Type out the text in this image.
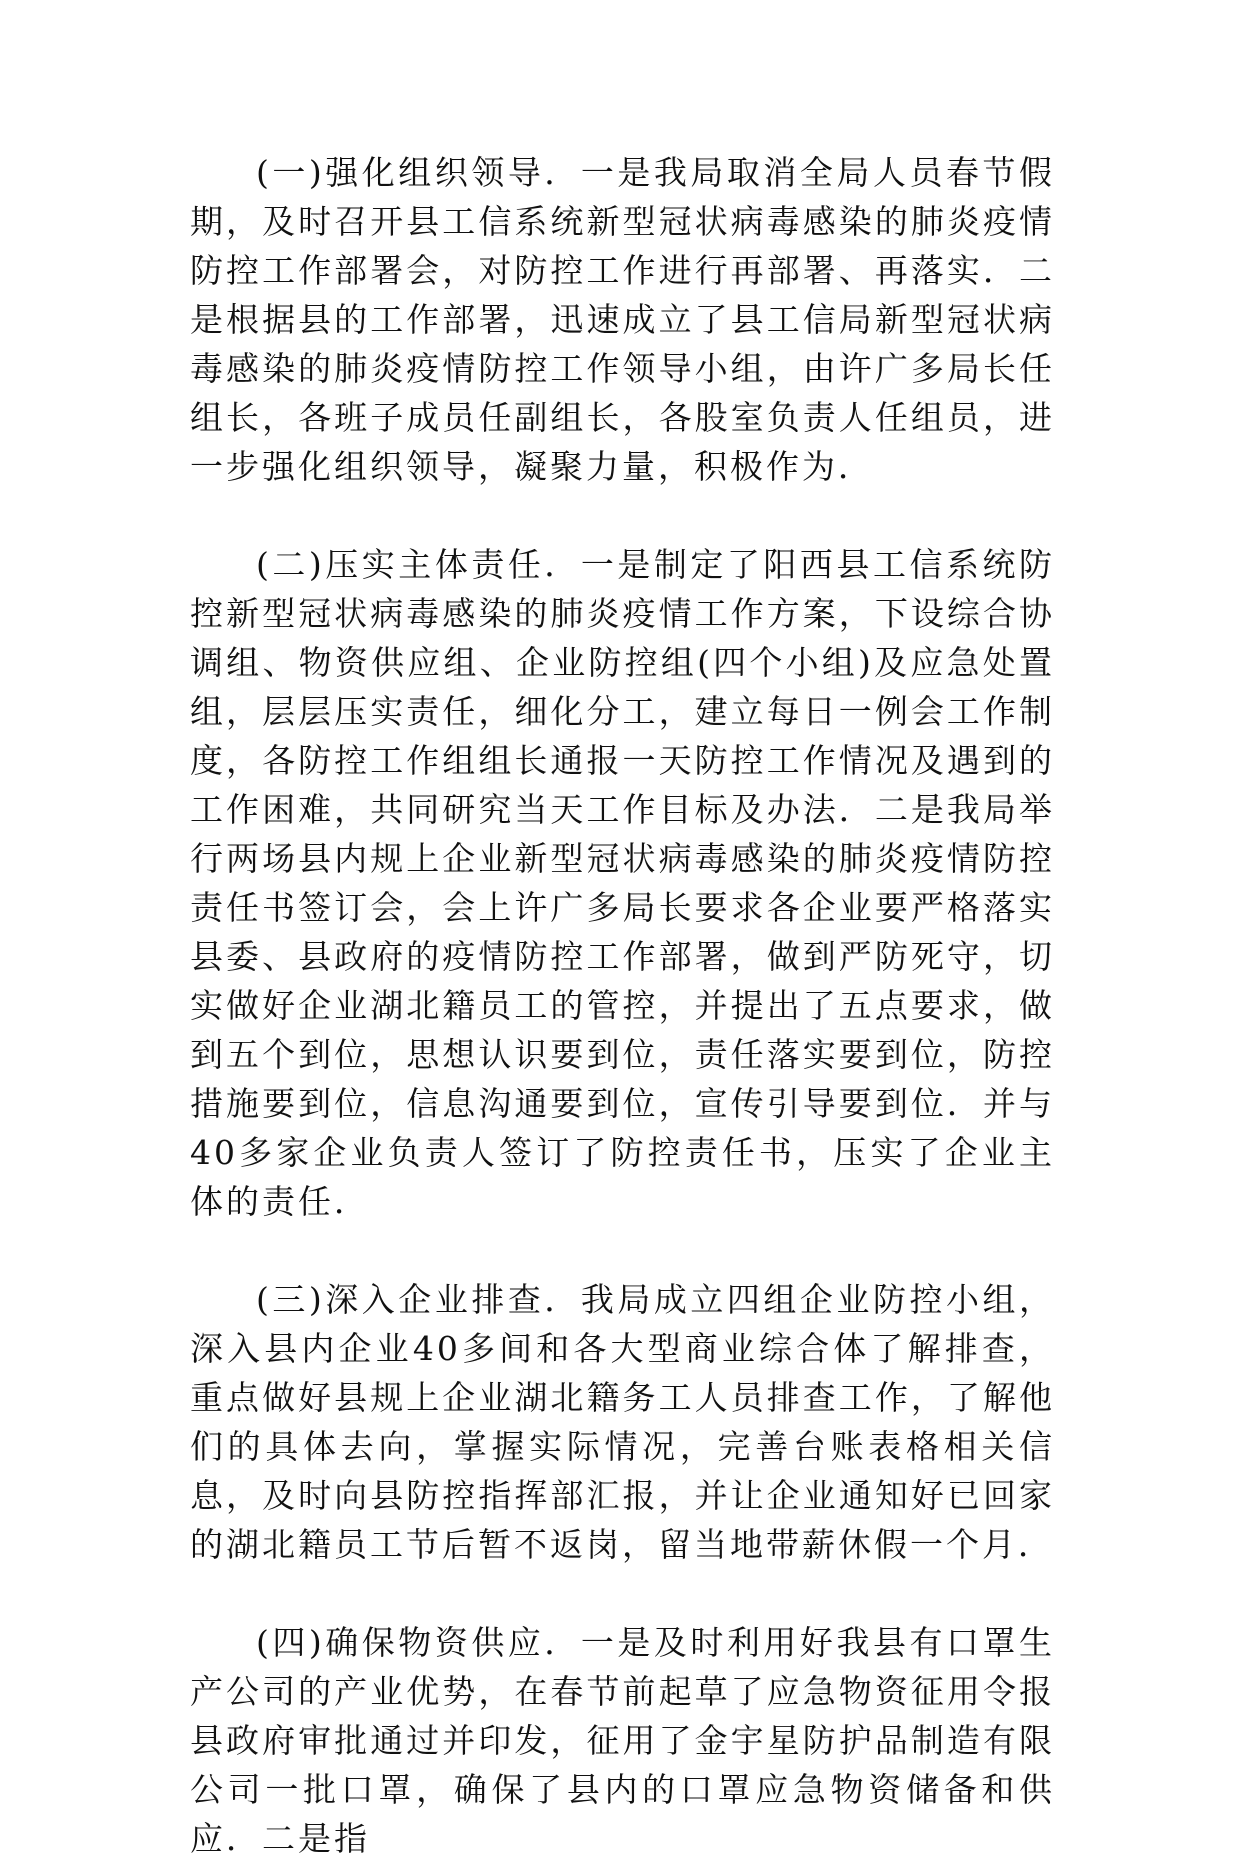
(一)强化组织领导．一是我局取消全局人员春节假期，及时召开县工信系统新型冠状病毒感染的肺炎疫情防控工作部署会，对防控工作进行再部署、再落实．二是根据县的工作部署，迅速成立了县工信局新型冠状病毒感染的肺炎疫情防控工作领导小组，由许广多局长任组长，各班子成员任副组长，各股室负责人任组员，进一步强化组织领导，凝聚力量，积极作为．

(二)压实主体责任．一是制定了阳西县工信系统防控新型冠状病毒感染的肺炎疫情工作方案，下设综合协调组、物资供应组、企业防控组(四个小组)及应急处置组，层层压实责任，细化分工，建立每日一例会工作制度，各防控工作组组长通报一天防控工作情况及遇到的工作困难，共同研究当天工作目标及办法．二是我局举行两场县内规上企业新型冠状病毒感染的肺炎疫情防控责任书签订会，会上许广多局长要求各企业要严格落实县委、县政府的疫情防控工作部署，做到严防死守，切实做好企业湖北籍员工的管控，并提出了五点要求，做到五个到位，思想认识要到位，责任落实要到位，防控措施要到位，信息沟通要到位，宣传引导要到位．并与40多家企业负责人签订了防控责任书，压实了企业主体的责任．

(三)深入企业排查．我局成立四组企业防控小组，深入县内企业40多间和各大型商业综合体了解排查，重点做好县规上企业湖北籍务工人员排查工作，了解他们的具体去向，掌握实际情况，完善台账表格相关信息，及时向县防控指挥部汇报，并让企业通知好已回家的湖北籍员工节后暂不返岗，留当地带薪休假一个月．

(四)确保物资供应．一是及时利用好我县有口罩生产公司的产业优势，在春节前起草了应急物资征用令报县政府审批通过并印发，征用了金宇星防护品制造有限公司一批口罩，确保了县内的口罩应急物资储备和供应．二是指
